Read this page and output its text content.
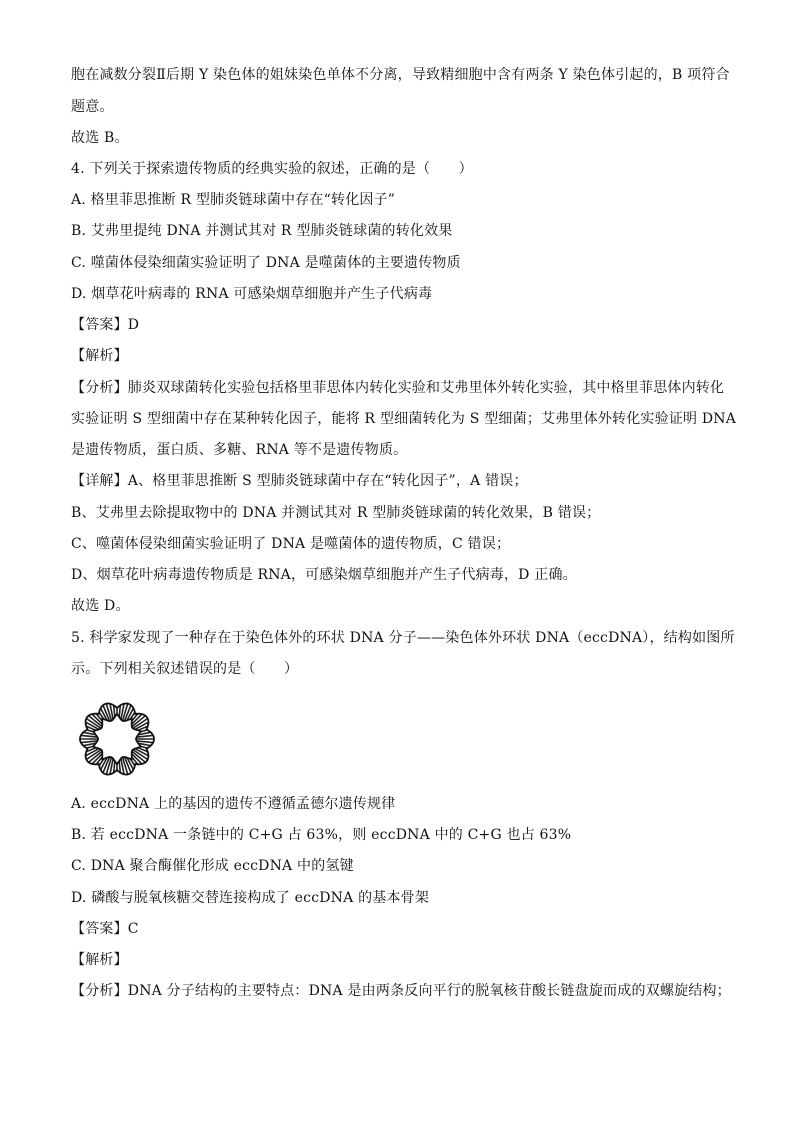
胞在减数分裂Ⅱ后期 Y 染色体的姐妹染色单体不分离，导致精细胞中含有两条 Y 染色体引起的，B 项符合
题意。
故选 B。
4. 下列关于探索遗传物质的经典实验的叙述，正确的是（　　）
A. 格里菲思推断 R 型肺炎链球菌中存在“转化因子”
B. 艾弗里提纯 DNA 并测试其对 R 型肺炎链球菌的转化效果
C. 噬菌体侵染细菌实验证明了 DNA 是噬菌体的主要遗传物质
D. 烟草花叶病毒的 RNA 可感染烟草细胞并产生子代病毒
【答案】D
【解析】
【分析】肺炎双球菌转化实验包括格里菲思体内转化实验和艾弗里体外转化实验，其中格里菲思体内转化
实验证明 S 型细菌中存在某种转化因子，能将 R 型细菌转化为 S 型细菌；艾弗里体外转化实验证明 DNA
是遗传物质，蛋白质、多糖、RNA 等不是遗传物质。
【详解】A、格里菲思推断 S 型肺炎链球菌中存在“转化因子”，A 错误；
B、艾弗里去除提取物中的 DNA 并测试其对 R 型肺炎链球菌的转化效果，B 错误；
C、噬菌体侵染细菌实验证明了 DNA 是噬菌体的遗传物质，C 错误；
D、烟草花叶病毒遗传物质是 RNA，可感染烟草细胞并产生子代病毒，D 正确。
故选 D。
5. 科学家发现了一种存在于染色体外的环状 DNA 分子——染色体外环状 DNA（eccDNA），结构如图所
示。下列相关叙述错误的是（　　）
A. eccDNA 上的基因的遗传不遵循孟德尔遗传规律
B. 若 eccDNA 一条链中的 C+G 占 63%，则 eccDNA 中的 C+G 也占 63%
C. DNA 聚合酶催化形成 eccDNA 中的氢键
D. 磷酸与脱氧核糖交替连接构成了 eccDNA 的基本骨架
【答案】C
【解析】
【分析】DNA 分子结构的主要特点：DNA 是由两条反向平行的脱氧核苷酸长链盘旋而成的双螺旋结构；
